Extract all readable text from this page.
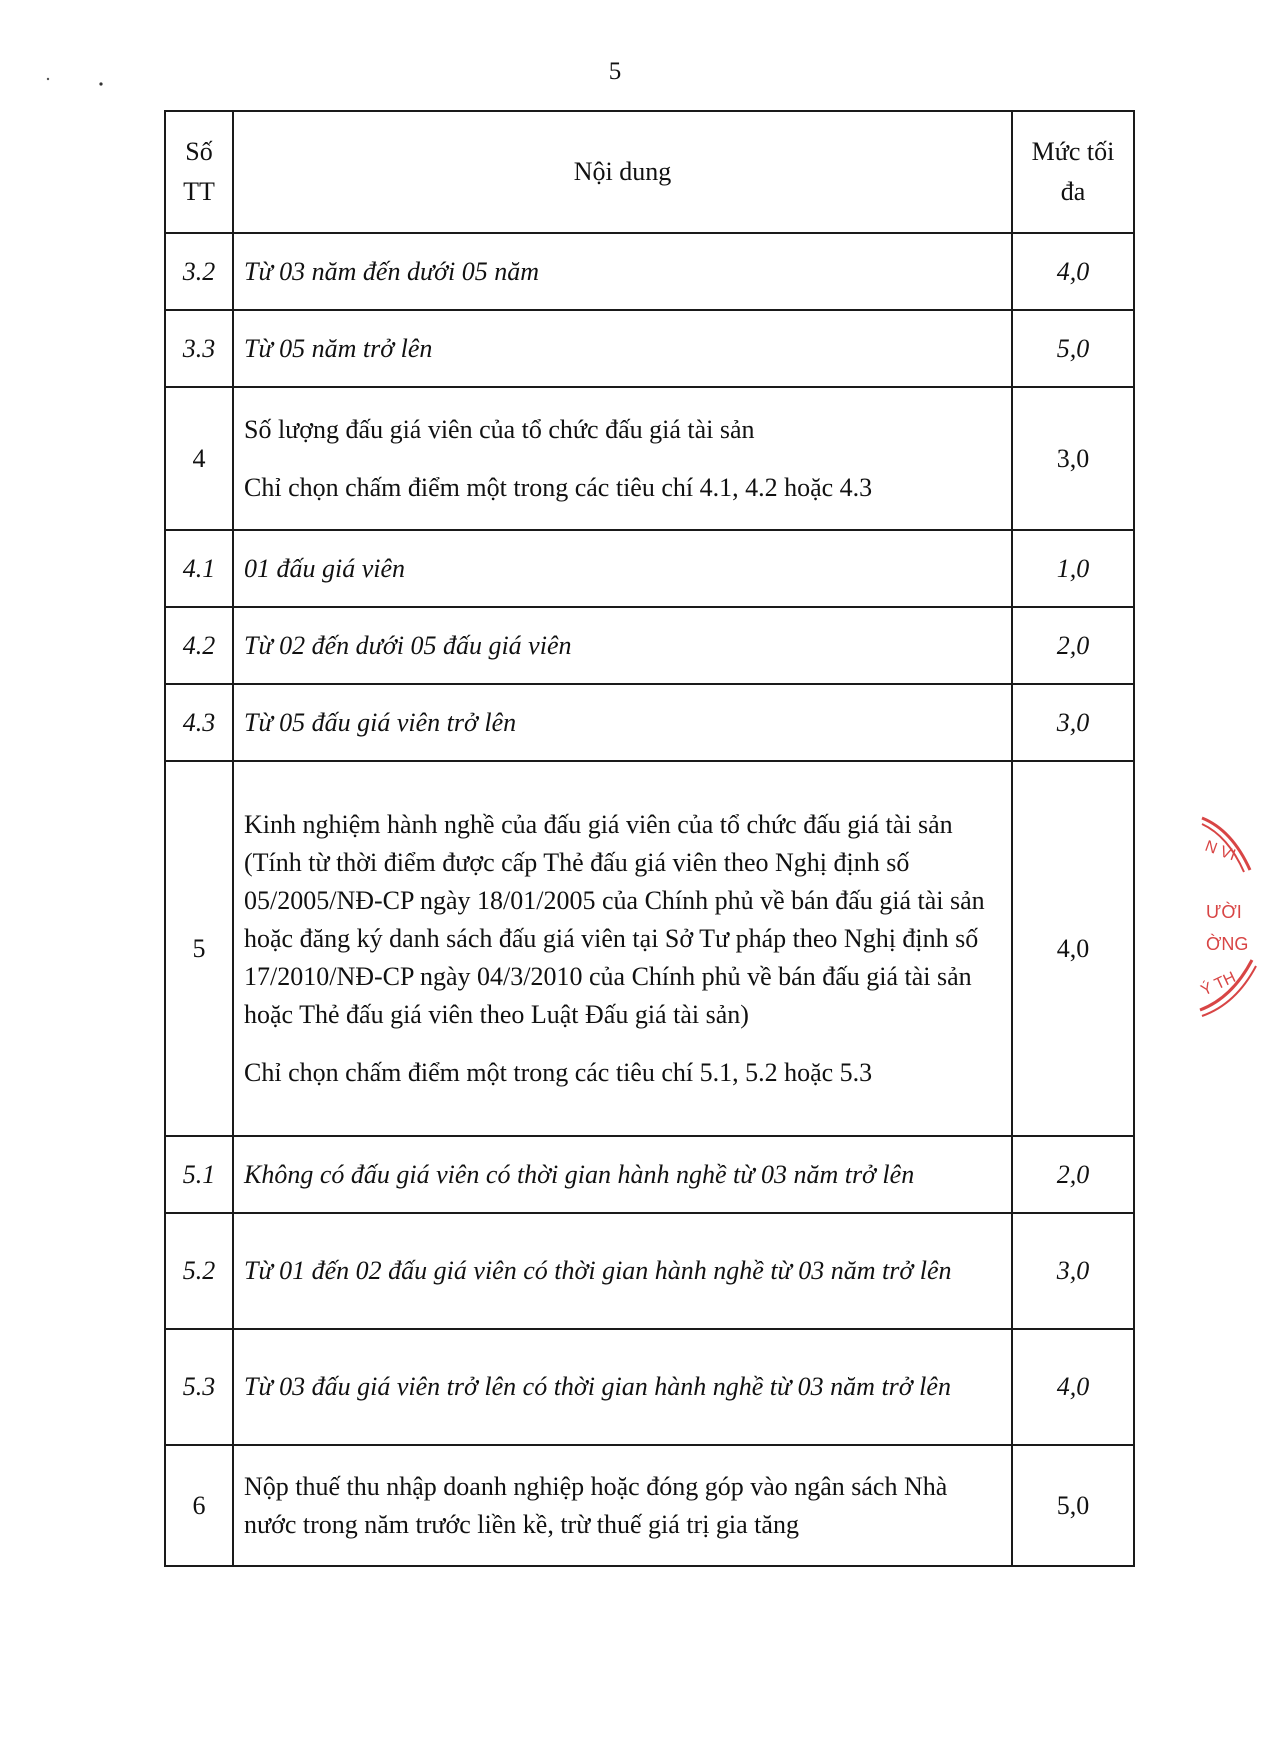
5
Số TT	Nội dung	Mức tối đa
3.2	Từ 03 năm đến dưới 05 năm	4,0
3.3	Từ 05 năm trở lên	5,0
4	Số lượng đấu giá viên của tổ chức đấu giá tài sản

Chỉ chọn chấm điểm một trong các tiêu chí 4.1, 4.2 hoặc 4.3	3,0
4.1	01 đấu giá viên	1,0
4.2	Từ 02 đến dưới 05 đấu giá viên	2,0
4.3	Từ 05 đấu giá viên trở lên	3,0
5	Kinh nghiệm hành nghề của đấu giá viên của tổ chức đấu giá tài sản (Tính từ thời điểm được cấp Thẻ đấu giá viên theo Nghị định số 05/2005/NĐ-CP ngày 18/01/2005 của Chính phủ về bán đấu giá tài sản hoặc đăng ký danh sách đấu giá viên tại Sở Tư pháp theo Nghị định số 17/2010/NĐ-CP ngày 04/3/2010 của Chính phủ về bán đấu giá tài sản hoặc Thẻ đấu giá viên theo Luật Đấu giá tài sản)

Chỉ chọn chấm điểm một trong các tiêu chí 5.1, 5.2 hoặc 5.3	4,0
5.1	Không có đấu giá viên có thời gian hành nghề từ 03 năm trở lên	2,0
5.2	Từ 01 đến 02 đấu giá viên có thời gian hành nghề từ 03 năm trở lên	3,0
5.3	Từ 03 đấu giá viên trở lên có thời gian hành nghề từ 03 năm trở lên	4,0
6	Nộp thuế thu nhập doanh nghiệp hoặc đóng góp vào ngân sách Nhà nước trong năm trước liền kề, trừ thuế giá trị gia tăng	5,0
N VI
ƯỜI
ỜNG
Ý TH
